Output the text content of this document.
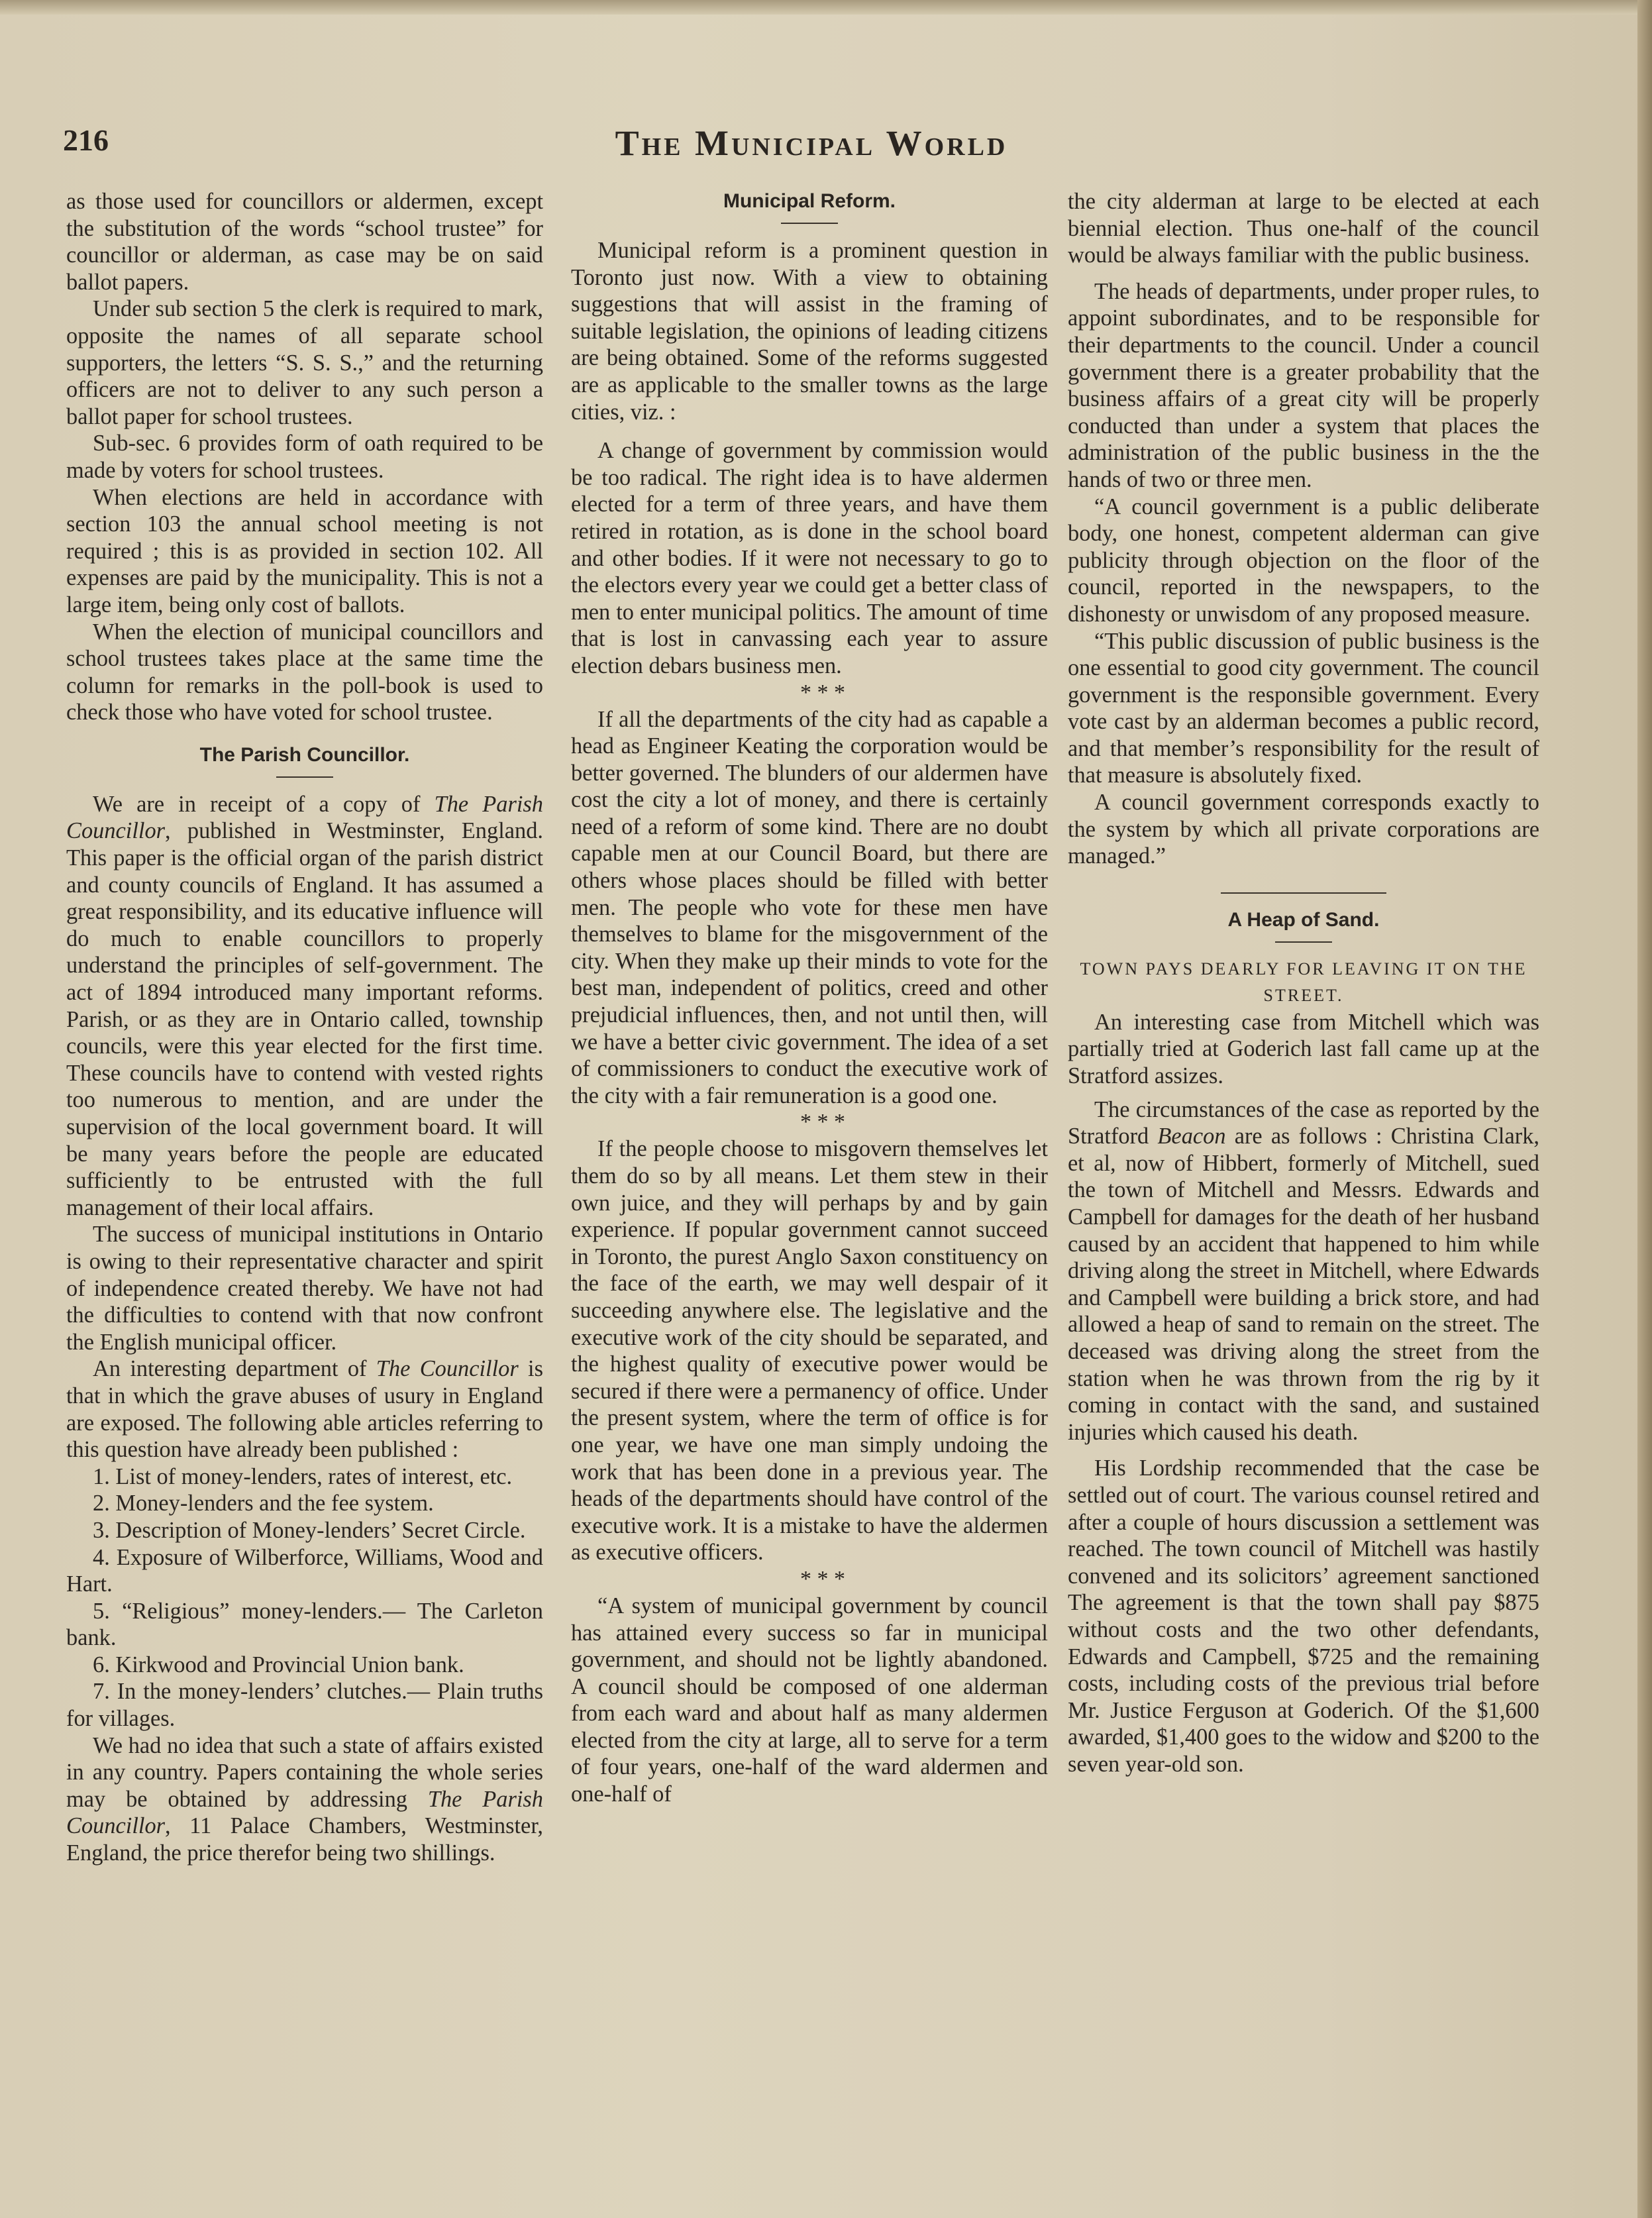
216	The Municipal World

as those used for councillors or aldermen, except the substitution of the words “school trustee” for councillor or alderman, as case may be on said ballot papers.

Under sub section 5 the clerk is required to mark, opposite the names of all separate school supporters, the letters “S. S. S.,” and the returning officers are not to deliver to any such person a ballot paper for school trustees.

Sub-sec. 6 provides form of oath required to be made by voters for school trustees.

When elections are held in accordance with section 103 the annual school meeting is not required ; this is as provided in section 102. All expenses are paid by the municipality. This is not a large item, being only cost of ballots.

When the election of municipal councillors and school trustees takes place at the same time the column for remarks in the poll-book is used to check those who have voted for school trustee.

The Parish Councillor.

We are in receipt of a copy of The Parish Councillor, published in Westminster, England. This paper is the official organ of the parish district and county councils of England. It has assumed a great responsibility, and its educative influence will do much to enable councillors to properly understand the principles of self-government. The act of 1894 introduced many important reforms. Parish, or as they are in Ontario called, township councils, were this year elected for the first time. These councils have to contend with vested rights too numerous to mention, and are under the supervision of the local government board. It will be many years before the people are educated sufficiently to be entrusted with the full management of their local affairs.

The success of municipal institutions in Ontario is owing to their representative character and spirit of independence created thereby. We have not had the difficulties to contend with that now confront the English municipal officer.

An interesting department of The Councillor is that in which the grave abuses of usury in England are exposed. The following able articles referring to this question have already been published :

1. List of money-lenders, rates of interest, etc.

2. Money-lenders and the fee system.

3. Description of Money-lenders’ Secret Circle.

4. Exposure of Wilberforce, Williams, Wood and Hart.

5. “Religious” money-lenders.— The Carleton bank.

6. Kirkwood and Provincial Union bank.

7. In the money-lenders’ clutches.— Plain truths for villages.

We had no idea that such a state of affairs existed in any country. Papers containing the whole series may be obtained by addressing The Parish Councillor, 11 Palace Chambers, Westminster, England, the price therefor being two shillings.

Municipal Reform.

Municipal reform is a prominent question in Toronto just now. With a view to obtaining suggestions that will assist in the framing of suitable legislation, the opinions of leading citizens are being obtained. Some of the reforms suggested are as applicable to the smaller towns as the large cities, viz. :

A change of government by commission would be too radical. The right idea is to have aldermen elected for a term of three years, and have them retired in rotation, as is done in the school board and other bodies. If it were not necessary to go to the electors every year we could get a better class of men to enter municipal politics. The amount of time that is lost in canvassing each year to assure election debars business men.

* * *

If all the departments of the city had as capable a head as Engineer Keating the corporation would be better governed. The blunders of our aldermen have cost the city a lot of money, and there is certainly need of a reform of some kind. There are no doubt capable men at our Council Board, but there are others whose places should be filled with better men. The people who vote for these men have themselves to blame for the misgovernment of the city. When they make up their minds to vote for the best man, independent of politics, creed and other prejudicial influences, then, and not until then, will we have a better civic government. The idea of a set of commissioners to conduct the executive work of the city with a fair remuneration is a good one.

* * *

If the people choose to misgovern themselves let them do so by all means. Let them stew in their own juice, and they will perhaps by and by gain experience. If popular government cannot succeed in Toronto, the purest Anglo Saxon constituency on the face of the earth, we may well despair of it succeeding anywhere else. The legislative and the executive work of the city should be separated, and the highest quality of executive power would be secured if there were a permanency of office. Under the present system, where the term of office is for one year, we have one man simply undoing the work that has been done in a previous year. The heads of the departments should have control of the executive work. It is a mistake to have the aldermen as executive officers.

* * *

“A system of municipal government by council has attained every success so far in municipal government, and should not be lightly abandoned. A council should be composed of one alderman from each ward and about half as many aldermen elected from the city at large, all to serve for a term of four years, one-half of the ward aldermen and one-half of

the city alderman at large to be elected at each biennial election. Thus one-half of the council would be always familiar with the public business.

The heads of departments, under proper rules, to appoint subordinates, and to be responsible for their departments to the council. Under a council government there is a greater probability that the business affairs of a great city will be properly conducted than under a system that places the administration of the public business in the the hands of two or three men.

“A council government is a public deliberate body, one honest, competent alderman can give publicity through objection on the floor of the council, reported in the newspapers, to the dishonesty or unwisdom of any proposed measure.

“This public discussion of public business is the one essential to good city government. The council government is the responsible government. Every vote cast by an alderman becomes a public record, and that member’s responsibility for the result of that measure is absolutely fixed.

A council government corresponds exactly to the system by which all private corporations are managed.”

A Heap of Sand.
TOWN PAYS DEARLY FOR LEAVING IT ON THE STREET.

An interesting case from Mitchell which was partially tried at Goderich last fall came up at the Stratford assizes.

The circumstances of the case as reported by the Stratford Beacon are as follows : Christina Clark, et al, now of Hibbert, formerly of Mitchell, sued the town of Mitchell and Messrs. Edwards and Campbell for damages for the death of her husband caused by an accident that happened to him while driving along the street in Mitchell, where Edwards and Campbell were building a brick store, and had allowed a heap of sand to remain on the street. The deceased was driving along the street from the station when he was thrown from the rig by it coming in contact with the sand, and sustained injuries which caused his death.

His Lordship recommended that the case be settled out of court. The various counsel retired and after a couple of hours discussion a settlement was reached. The town council of Mitchell was hastily convened and its solicitors’ agreement sanctioned The agreement is that the town shall pay $875 without costs and the two other defendants, Edwards and Campbell, $725 and the remaining costs, including costs of the previous trial before Mr. Justice Ferguson at Goderich. Of the $1,600 awarded, $1,400 goes to the widow and $200 to the seven year-old son.
